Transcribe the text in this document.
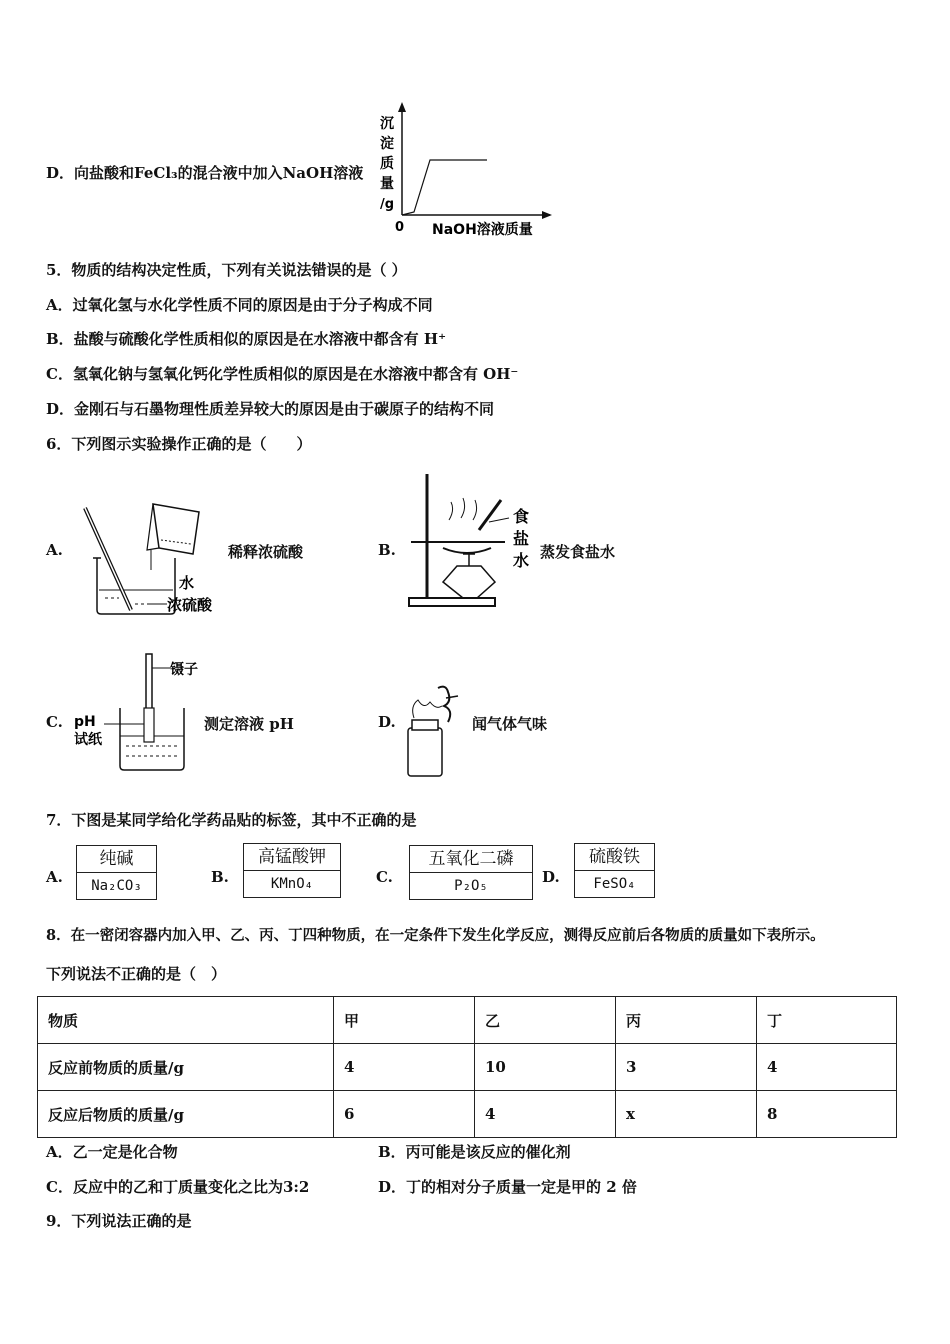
D．向盐酸和FeCl₃的混合液中加入NaOH溶液
沉
淀
质
量
/g
0 NaOH溶液质量
5．物质的结构决定性质，下列有关说法错误的是（ ）
A．过氧化氢与水化学性质不同的原因是由于分子构成不同
B．盐酸与硫酸化学性质相似的原因是在水溶液中都含有 H⁺
C．氢氧化钠与氢氧化钙化学性质相似的原因是在水溶液中都含有 OH⁻
D．金刚石与石墨物理性质差异较大的原因是由于碳原子的结构不同
6．下列图示实验操作正确的是（　　）
A.
水
浓硫酸
稀释浓硫酸	B.
食
盐
水 蒸发食盐水
C.
镊子
pH
试纸
测定溶液 pH	D.	闻气体气味
7．下图是某同学给化学药品贴的标签，其中不正确的是
A.
纯碱
Na₂CO₃	B.
高锰酸钾
KMnO₄	C.
五氧化二磷
P₂O₅	D.
硫酸铁
FeSO₄
8．在一密闭容器内加入甲、乙、丙、丁四种物质，在一定条件下发生化学反应，测得反应前后各物质的质量如下表所示。
下列说法不正确的是（　）
物质	甲	乙	丙	丁
反应前物质的质量/g	4	10	3	4
反应后物质的质量/g	6	4	x	8
A．乙一定是化合物	B．丙可能是该反应的催化剂
C．反应中的乙和丁质量变化之比为3:2	D．丁的相对分子质量一定是甲的 2 倍
9．下列说法正确的是
